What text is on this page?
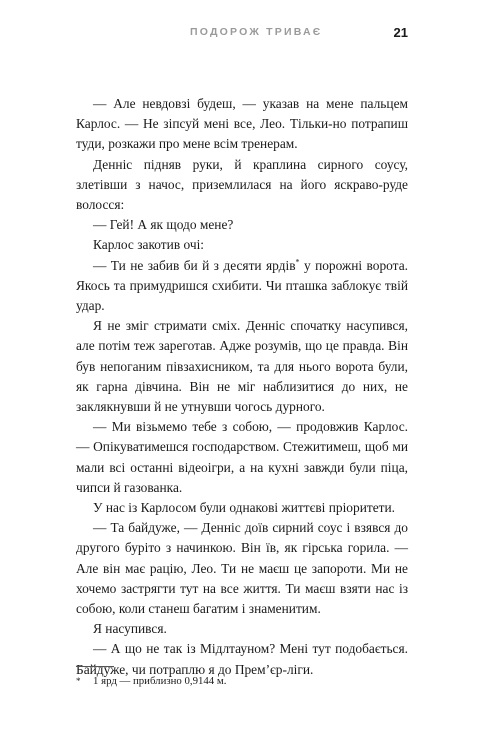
ПОДОРОЖ ТРИВАЄ	21

— Але невдовзі будеш, — указав на мене пальцем Карлос. — Не зіпсуй мені все, Лео. Тільки-но потрапиш туди, розкажи про мене всім тренерам.

Денніс підняв руки, й краплина сирного соусу, злетівши з начос, приземлилася на його яскраво-руде волосся:

— Гей! А як щодо мене?

Карлос закотив очі:

— Ти не забив би й з десяти ярдів* у порожні ворота. Якось та примудришся схибити. Чи пташка заблокує твій удар.

Я не зміг стримати сміх. Денніс спочатку насупився, але потім теж зареготав. Адже розумів, що це правда. Він був непоганим півзахисником, та для нього ворота були, як гарна дівчина. Він не міг наблизитися до них, не заклякнувши й не утнувши чогось дурного.

— Ми візьмемо тебе з собою, — продовжив Карлос. — Опікуватимешся господарством. Стежитимеш, щоб ми мали всі останні відеоігри, а на кухні завжди були піца, чипси й газованка.

У нас із Карлосом були однакові життєві пріоритети.

— Та байдуже, — Денніс доїв сирний соус і взявся до другого буріто з начинкою. Він їв, як гірська горила. — Але він має рацію, Лео. Ти не маєш це запороти. Ми не хочемо застрягти тут на все життя. Ти маєш взяти нас із собою, коли станеш багатим і знаменитим.

Я насупився.

— А що не так із Мідлтауном? Мені тут подобається. Байдуже, чи потраплю я до Прем’єр-ліги.

* 1 ярд — приблизно 0,9144 м.
